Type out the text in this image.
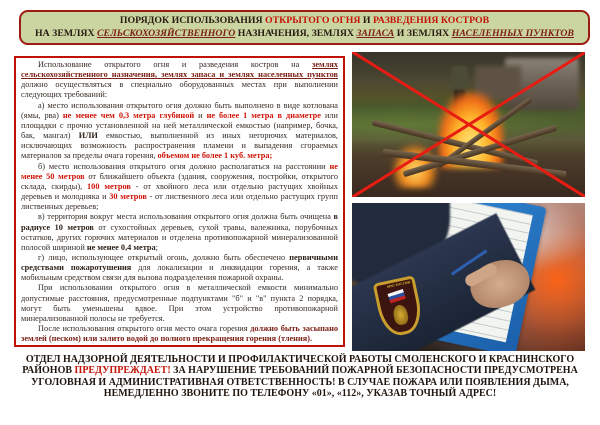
ПОРЯДОК ИСПОЛЬЗОВАНИЯ ОТКРЫТОГО ОГНЯ И РАЗВЕДЕНИЯ КОСТРОВ
НА ЗЕМЛЯХ СЕЛЬСКОХОЗЯЙСТВЕННОГО НАЗНАЧЕНИЯ, ЗЕМЛЯХ ЗАПАСА И ЗЕМЛЯХ НАСЕЛЕННЫХ ПУНКТОВ

Использование открытого огня и разведения костров на землях сельскохозяйственного назначения, землях запаса и землях населенных пунктов должно осуществляться в специально оборудованных местах при выполнении следующих требований:

а) место использования открытого огня должно быть выполнено в виде котлована (ямы, рва) не менее чем 0,3 метра глубиной и не более 1 метра в диаметре или площадки с прочно установленной на ней металлической емкостью (например, бочка, бак, мангал) ИЛИ емкостью, выполненной из иных негорючих материалов, исключающих возможность распространения пламени и выпадения сгораемых материалов за пределы очага горения, объемом не более 1 куб. метра;

б) место использования открытого огня должно располагаться на расстоянии не менее 50 метров от ближайшего объекта (здания, сооружения, постройки, открытого склада, скирды), 100 метров - от хвойного леса или отдельно растущих хвойных деревьев и молодняка и 30 метров - от лиственного леса или отдельно растущих групп лиственных деревьев;

в) территория вокруг места использования открытого огня должна быть очищена в радиусе 10 метров от сухостойных деревьев, сухой травы, валежника, порубочных остатков, других горючих материалов и отделена противопожарной минерализованной полосой шириной не менее 0,4 метра;

г) лицо, использующее открытый огонь, должно быть обеспечено первичными средствами пожаротушения для локализации и ликвидации горения, а также мобильным средством связи для вызова подразделения пожарной охраны.

При использовании открытого огня в металлической емкости минимально допустимые расстояния, предусмотренные подпунктами "б" и "в" пункта 2 порядка, могут быть уменьшены вдвое. При этом устройство противопожарной минерализованной полосы не требуется.

После использования открытого огня место очага горения должно быть засыпано землей (песком) или залито водой до полного прекращения горения (тления).

МЧС РОССИИ
ОТДЕЛ НАДЗОРНОЙ ДЕЯТЕЛЬНОСТИ И ПРОФИЛАКТИЧЕСКОЙ РАБОТЫ СМОЛЕНСКОГО И КРАСНИНСКОГО
РАЙОНОВ ПРЕДУПРЕЖДАЕТ! ЗА НАРУШЕНИЕ ТРЕБОВАНИЙ ПОЖАРНОЙ БЕЗОПАСНОСТИ ПРЕДУСМОТРЕНА
УГОЛОВНАЯ И АДМИНИСТРАТИВНАЯ ОТВЕТСТВЕННОСТЬ! В СЛУЧАЕ ПОЖАРА ИЛИ ПОЯВЛЕНИЯ ДЫМА,
НЕМЕДЛЕННО ЗВОНИТЕ ПО ТЕЛЕФОНУ «01», «112», УКАЗАВ ТОЧНЫЙ АДРЕС!
